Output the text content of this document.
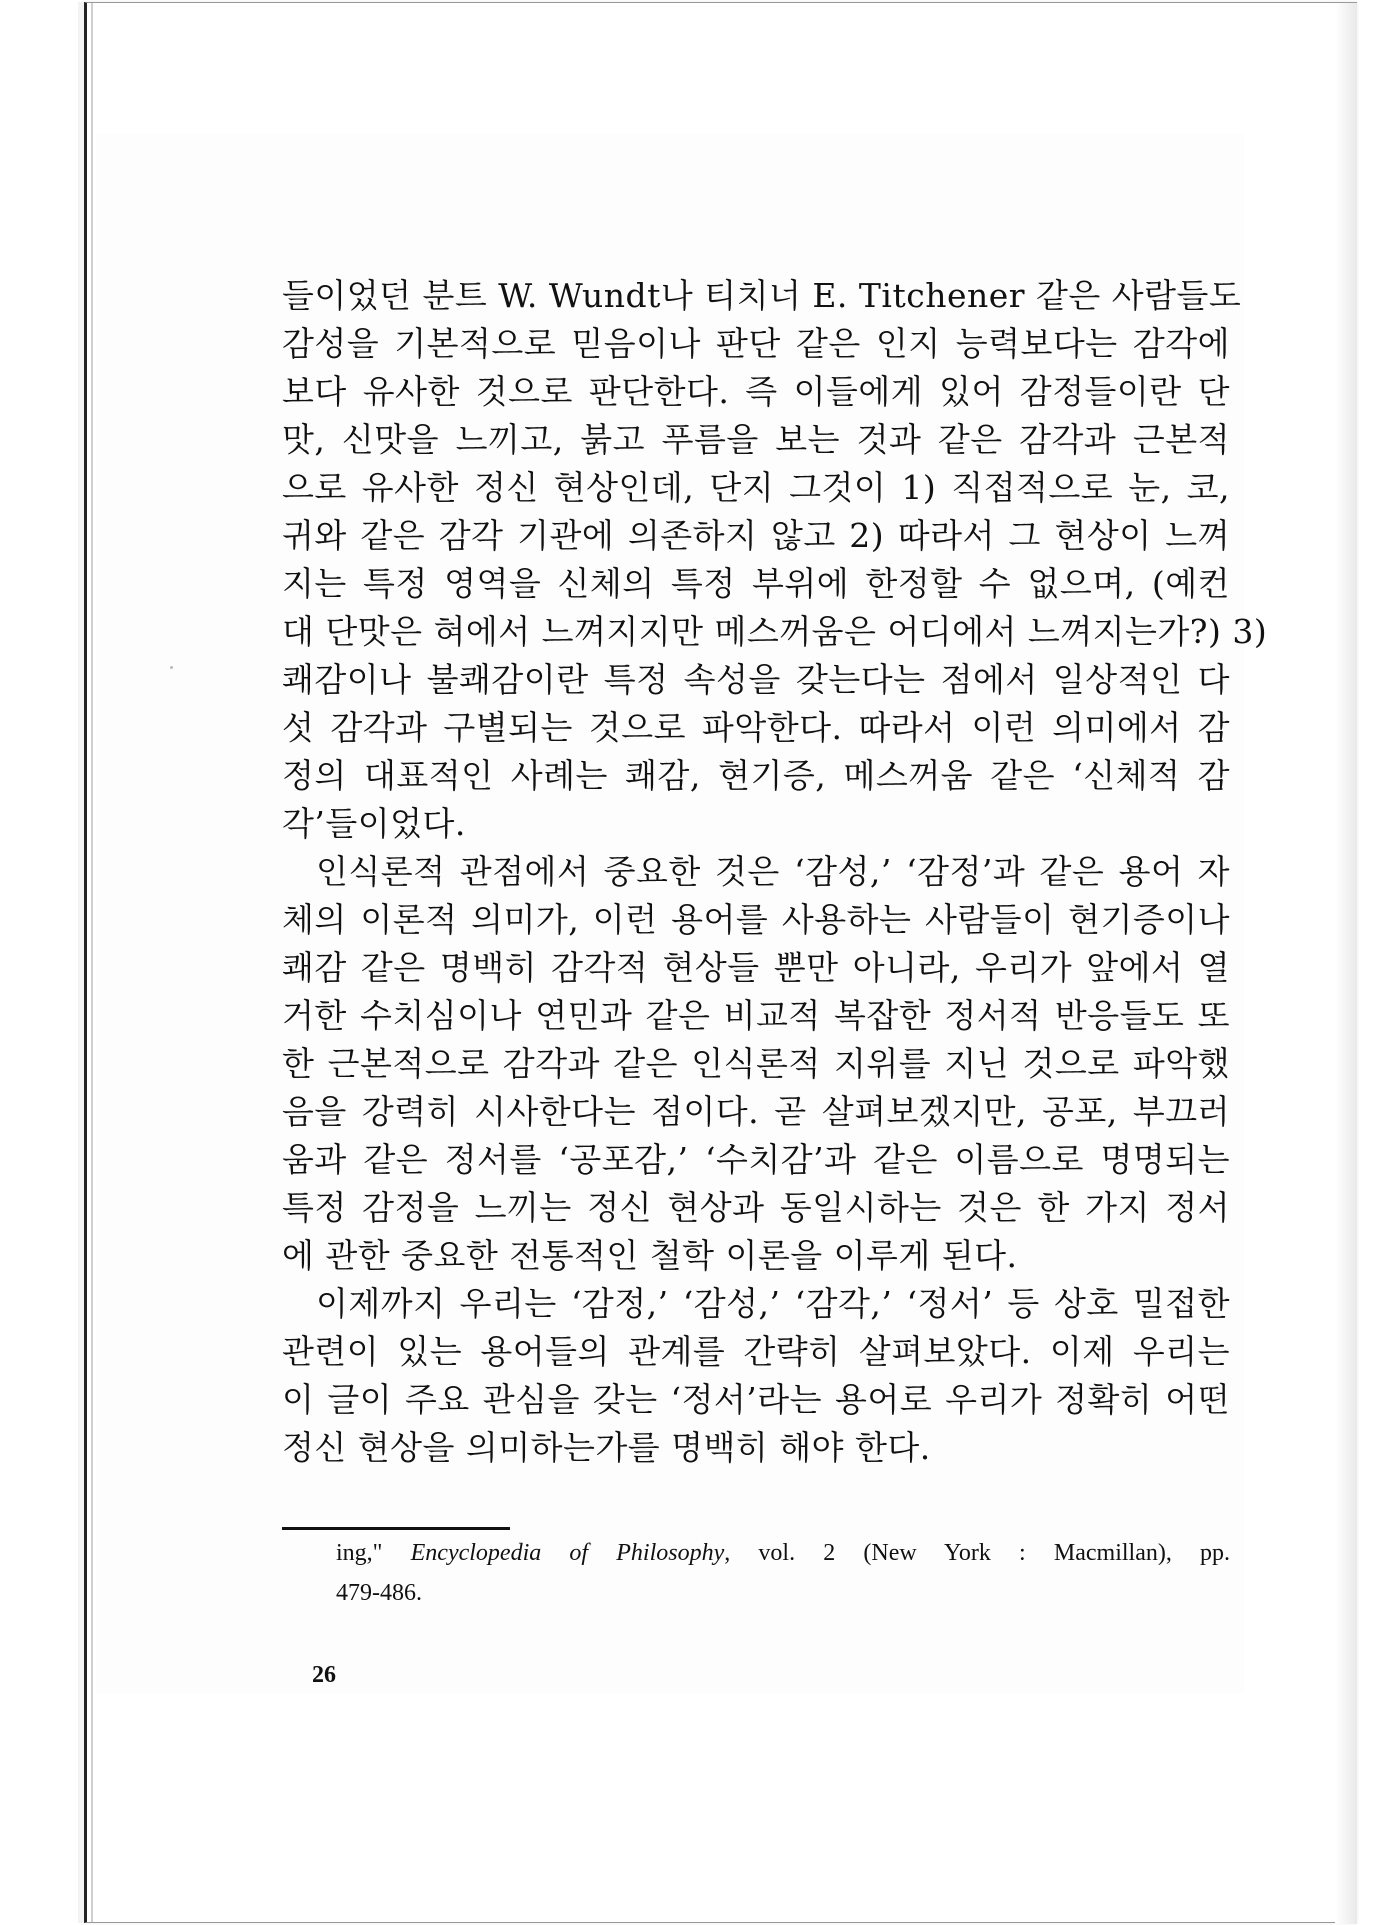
들이었던 분트 W. Wundt나 티치너 E. Titchener 같은 사람들도
감성을 기본적으로 믿음이나 판단 같은 인지 능력보다는 감각에
보다 유사한 것으로 판단한다. 즉 이들에게 있어 감정들이란 단
맛, 신맛을 느끼고, 붉고 푸름을 보는 것과 같은 감각과 근본적
으로 유사한 정신 현상인데, 단지 그것이 1) 직접적으로 눈, 코,
귀와 같은 감각 기관에 의존하지 않고 2) 따라서 그 현상이 느껴
지는 특정 영역을 신체의 특정 부위에 한정할 수 없으며, (예컨
대 단맛은 혀에서 느껴지지만 메스꺼움은 어디에서 느껴지는가?) 3)
쾌감이나 불쾌감이란 특정 속성을 갖는다는 점에서 일상적인 다
섯 감각과 구별되는 것으로 파악한다. 따라서 이런 의미에서 감
정의 대표적인 사례는 쾌감, 현기증, 메스꺼움 같은 ‘신체적 감
각’들이었다.
인식론적 관점에서 중요한 것은 ‘감성,’ ‘감정’과 같은 용어 자
체의 이론적 의미가, 이런 용어를 사용하는 사람들이 현기증이나
쾌감 같은 명백히 감각적 현상들 뿐만 아니라, 우리가 앞에서 열
거한 수치심이나 연민과 같은 비교적 복잡한 정서적 반응들도 또
한 근본적으로 감각과 같은 인식론적 지위를 지닌 것으로 파악했
음을 강력히 시사한다는 점이다. 곧 살펴보겠지만, 공포, 부끄러
움과 같은 정서를 ‘공포감,’ ‘수치감’과 같은 이름으로 명명되는
특정 감정을 느끼는 정신 현상과 동일시하는 것은 한 가지 정서
에 관한 중요한 전통적인 철학 이론을 이루게 된다.
이제까지 우리는 ‘감정,’ ‘감성,’ ‘감각,’ ‘정서’ 등 상호 밀접한
관련이 있는 용어들의 관계를 간략히 살펴보았다. 이제 우리는
이 글이 주요 관심을 갖는 ‘정서’라는 용어로 우리가 정확히 어떤
정신 현상을 의미하는가를 명백히 해야 한다.
ing," Encyclopedia of Philosophy, vol. 2 (New York : Macmillan), pp.
479-486.
26
